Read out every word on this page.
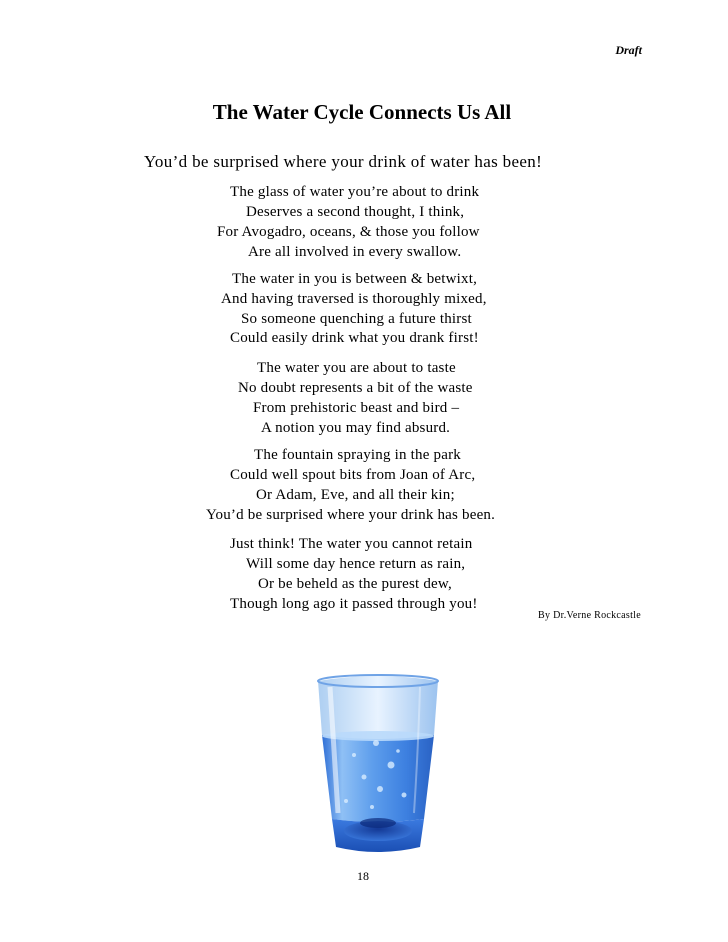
Draft
The Water Cycle Connects Us All
You’d be surprised where your drink of water has been!
The glass of water you’re about to drink
Deserves a second thought, I think,
For Avogadro, oceans, & those you follow
Are all involved in every swallow.
The water in you is between & betwixt,
And having traversed is thoroughly mixed,
So someone quenching a future thirst
Could easily drink what you drank first!
The water you are about to taste
No doubt represents a bit of the waste
From prehistoric beast and bird –
A notion you may find absurd.
The fountain spraying in the park
Could well spout bits from Joan of Arc,
Or Adam, Eve, and all their kin;
You’d be surprised where your drink has been.
Just think! The water you cannot retain
Will some day hence return as rain,
Or be beheld as the purest dew,
Though long ago it passed through you!
By Dr.Verne Rockcastle
18
